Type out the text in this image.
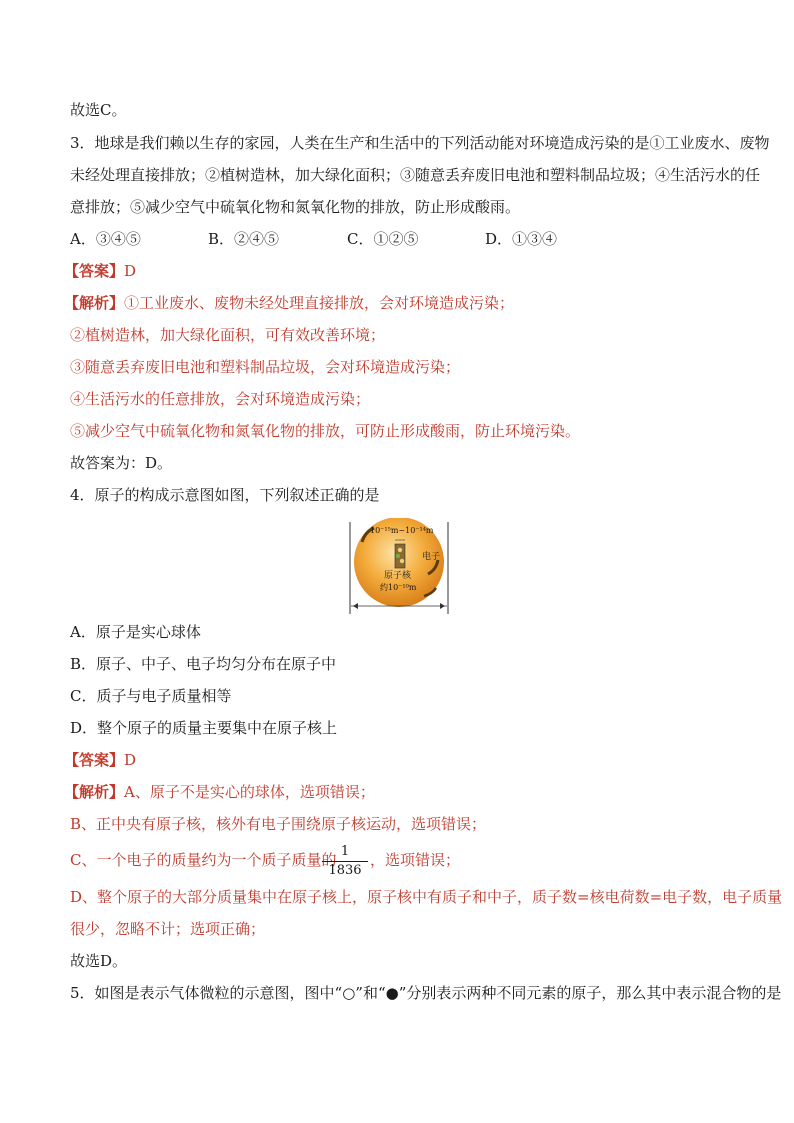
故选C。
3．地球是我们赖以生存的家园，人类在生产和生活中的下列活动能对环境造成污染的是①工业废水、废物
未经处理直接排放；②植树造林，加大绿化面积；③随意丢弃废旧电池和塑料制品垃圾；④生活污水的任
意排放；⑤减少空气中硫氧化物和氮氧化物的排放，防止形成酸雨。
A．③④⑤	B．②④⑤	C．①②⑤	D．①③④
【答案】D
【解析】①工业废水、废物未经处理直接排放，会对环境造成污染；
②植树造林，加大绿化面积，可有效改善环境；
③随意丢弃废旧电池和塑料制品垃圾，会对环境造成污染；
④生活污水的任意排放，会对环境造成污染；
⑤减少空气中硫氧化物和氮氧化物的排放，可防止形成酸雨，防止环境污染。
故答案为：D。
4．原子的构成示意图如图，下列叙述正确的是
10⁻¹⁵m~10⁻¹⁴m
电子
原子核
约10⁻¹⁰m
A．原子是实心球体
B．原子、中子、电子均匀分布在原子中
C．质子与电子质量相等
D．整个原子的质量主要集中在原子核上
【答案】D
【解析】A、原子不是实心的球体，选项错误；
B、正中央有原子核，核外有电子围绕原子核运动，选项错误；
C、一个电子的质量约为一个质子质量的 1
1836
，选项错误；
D、整个原子的大部分质量集中在原子核上，原子核中有质子和中子，质子数=核电荷数=电子数，电子质量
很少，忽略不计；选项正确；
故选D。
5．如图是表示气体微粒的示意图，图中“○”和“●”分别表示两种不同元素的原子，那么其中表示混合物的是
